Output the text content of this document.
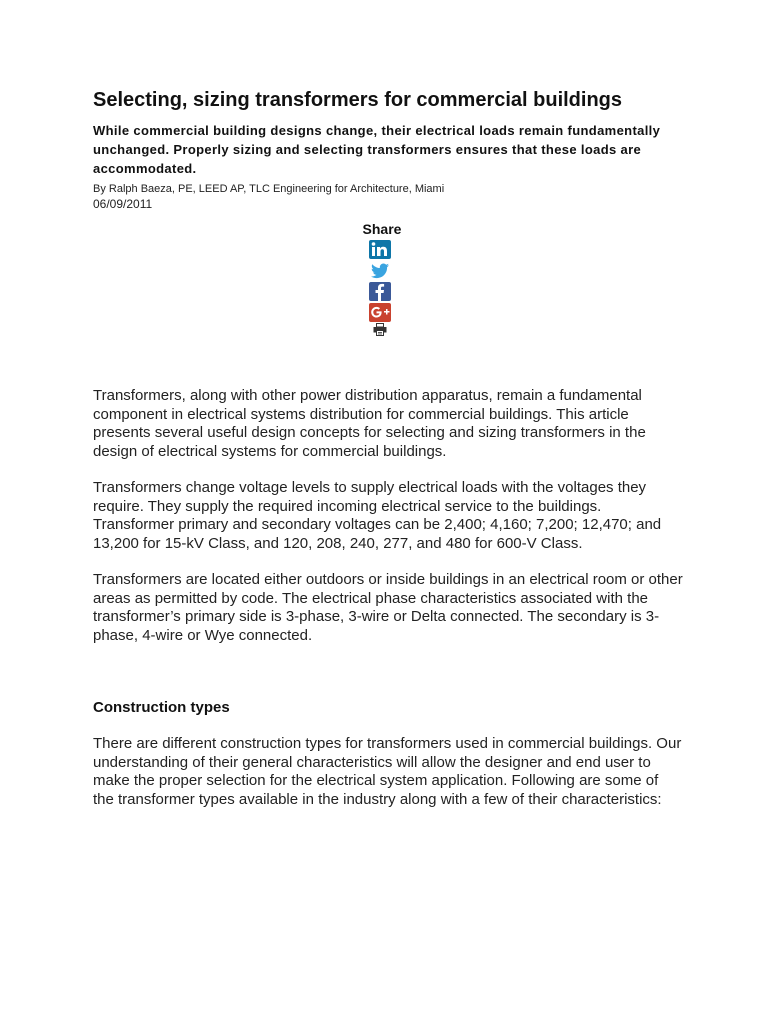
Selecting, sizing transformers for commercial buildings

While commercial building designs change, their electrical loads remain fundamentally unchanged. Properly sizing and selecting transformers ensures that these loads are accommodated.

By Ralph Baeza, PE, LEED AP, TLC Engineering for Architecture, Miami

06/09/2011

Share

Transformers, along with other power distribution apparatus, remain a fundamental component in electrical systems distribution for commercial buildings. This article presents several useful design concepts for selecting and sizing transformers in the design of electrical systems for commercial buildings.

Transformers change voltage levels to supply electrical loads with the voltages they require. They supply the required incoming electrical service to the buildings. Transformer primary and secondary voltages can be 2,400; 4,160; 7,200; 12,470; and 13,200 for 15-kV Class, and 120, 208, 240, 277, and 480 for 600-V Class.

Transformers are located either outdoors or inside buildings in an electrical room or other areas as permitted by code. The electrical phase characteristics associated with the transformer’s primary side is 3-phase, 3-wire or Delta connected. The secondary is 3-phase, 4-wire or Wye connected.

Construction types

There are different construction types for transformers used in commercial buildings. Our understanding of their general characteristics will allow the designer and end user to make the proper selection for the electrical system application. Following are some of the transformer types available in the industry along with a few of their characteristics:
